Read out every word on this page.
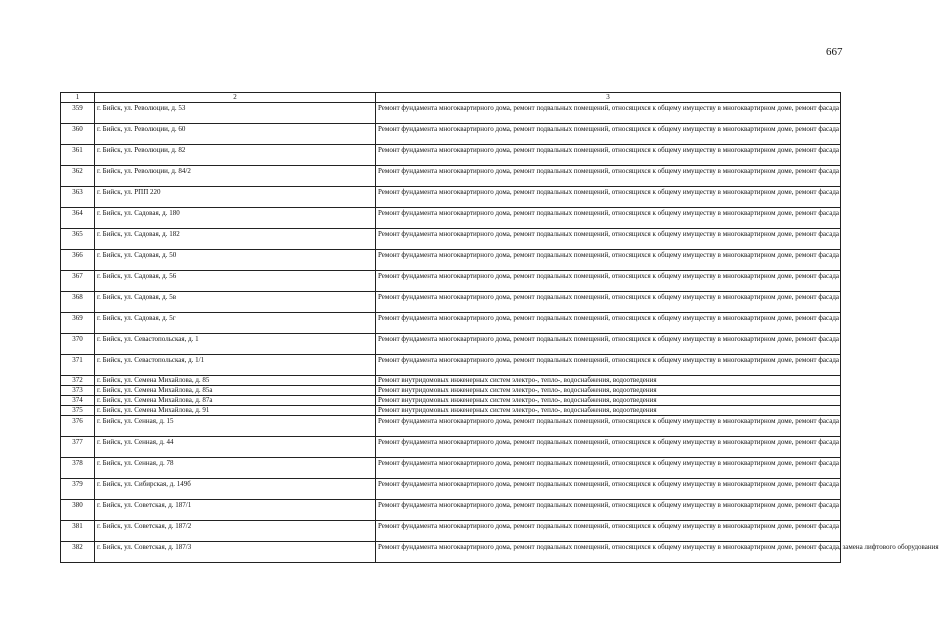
667
1	2	3
359	г. Бийск, ул. Революции, д. 53	Ремонт фундамента многоквартирного дома, ремонт подвальных помещений, относящихся к общему имуществу в многоквартирном доме, ремонт фасада
360	г. Бийск, ул. Революции, д. 60	Ремонт фундамента многоквартирного дома, ремонт подвальных помещений, относящихся к общему имуществу в многоквартирном доме, ремонт фасада
361	г. Бийск, ул. Революции, д. 82	Ремонт фундамента многоквартирного дома, ремонт подвальных помещений, относящихся к общему имуществу в многоквартирном доме, ремонт фасада
362	г. Бийск, ул. Революции, д. 84/2	Ремонт фундамента многоквартирного дома, ремонт подвальных помещений, относящихся к общему имуществу в многоквартирном доме, ремонт фасада
363	г. Бийск, ул. РПП 220	Ремонт фундамента многоквартирного дома, ремонт подвальных помещений, относящихся к общему имуществу в многоквартирном доме, ремонт фасада
364	г. Бийск, ул. Садовая, д. 180	Ремонт фундамента многоквартирного дома, ремонт подвальных помещений, относящихся к общему имуществу в многоквартирном доме, ремонт фасада
365	г. Бийск, ул. Садовая, д. 182	Ремонт фундамента многоквартирного дома, ремонт подвальных помещений, относящихся к общему имуществу в многоквартирном доме, ремонт фасада
366	г. Бийск, ул. Садовая, д. 50	Ремонт фундамента многоквартирного дома, ремонт подвальных помещений, относящихся к общему имуществу в многоквартирном доме, ремонт фасада
367	г. Бийск, ул. Садовая, д. 56	Ремонт фундамента многоквартирного дома, ремонт подвальных помещений, относящихся к общему имуществу в многоквартирном доме, ремонт фасада
368	г. Бийск, ул. Садовая, д. 5в	Ремонт фундамента многоквартирного дома, ремонт подвальных помещений, относящихся к общему имуществу в многоквартирном доме, ремонт фасада
369	г. Бийск, ул. Садовая, д. 5г	Ремонт фундамента многоквартирного дома, ремонт подвальных помещений, относящихся к общему имуществу в многоквартирном доме, ремонт фасада
370	г. Бийск, ул. Севастопольская, д. 1	Ремонт фундамента многоквартирного дома, ремонт подвальных помещений, относящихся к общему имуществу в многоквартирном доме, ремонт фасада
371	г. Бийск, ул. Севастопольская, д. 1/1	Ремонт фундамента многоквартирного дома, ремонт подвальных помещений, относящихся к общему имуществу в многоквартирном доме, ремонт фасада
372	г. Бийск, ул. Семена Михайлова, д. 85	Ремонт внутридомовых инженерных систем электро-, тепло-, водоснабжения, водоотведения
373	г. Бийск, ул. Семена Михайлова, д. 85а	Ремонт внутридомовых инженерных систем электро-, тепло-, водоснабжения, водоотведения
374	г. Бийск, ул. Семена Михайлова, д. 87а	Ремонт внутридомовых инженерных систем электро-, тепло-, водоснабжения, водоотведения
375	г. Бийск, ул. Семена Михайлова, д. 91	Ремонт внутридомовых инженерных систем электро-, тепло-, водоснабжения, водоотведения
376	г. Бийск, ул. Сенная, д. 15	Ремонт фундамента многоквартирного дома, ремонт подвальных помещений, относящихся к общему имуществу в многоквартирном доме, ремонт фасада
377	г. Бийск, ул. Сенная, д. 44	Ремонт фундамента многоквартирного дома, ремонт подвальных помещений, относящихся к общему имуществу в многоквартирном доме, ремонт фасада
378	г. Бийск, ул. Сенная, д. 78	Ремонт фундамента многоквартирного дома, ремонт подвальных помещений, относящихся к общему имуществу в многоквартирном доме, ремонт фасада
379	г. Бийск, ул. Сибирская, д. 149б	Ремонт фундамента многоквартирного дома, ремонт подвальных помещений, относящихся к общему имуществу в многоквартирном доме, ремонт фасада
380	г. Бийск, ул. Советская, д. 187/1	Ремонт фундамента многоквартирного дома, ремонт подвальных помещений, относящихся к общему имуществу в многоквартирном доме, ремонт фасада
381	г. Бийск, ул. Советская, д. 187/2	Ремонт фундамента многоквартирного дома, ремонт подвальных помещений, относящихся к общему имуществу в многоквартирном доме, ремонт фасада
382	г. Бийск, ул. Советская, д. 187/3	Ремонт фундамента многоквартирного дома, ремонт подвальных помещений, относящихся к общему имуществу в многоквартирном доме, ремонт фасада, замена лифтового оборудования
